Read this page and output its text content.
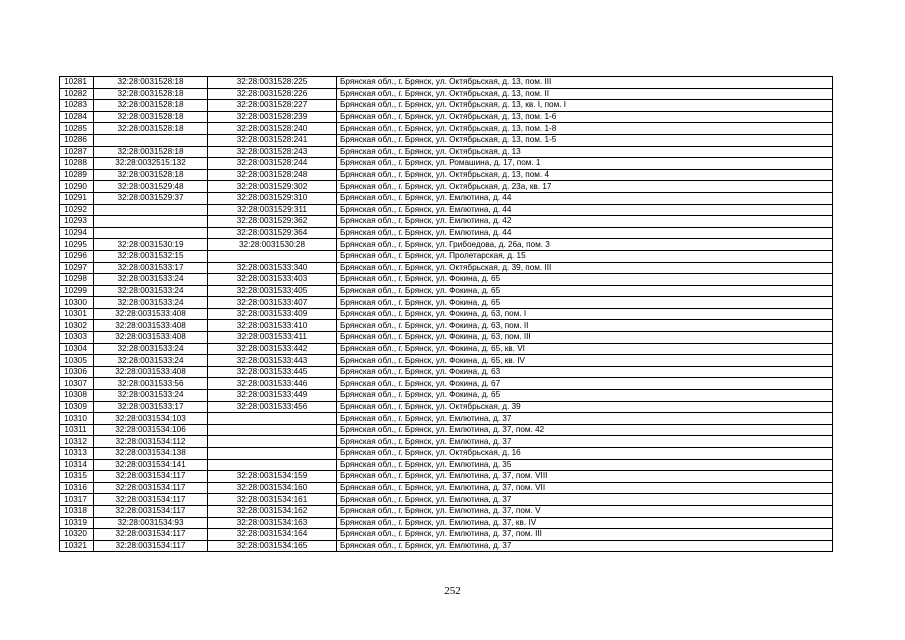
10281	32:28:0031528:18	32:28:0031528:225	Брянская обл., г. Брянск, ул. Октябрьская, д. 13, пом. III
10282	32:28:0031528:18	32:28:0031528:226	Брянская обл., г. Брянск, ул. Октябрьская, д. 13, пом. II
10283	32:28:0031528:18	32:28:0031528:227	Брянская обл., г. Брянск, ул. Октябрьская, д. 13, кв. I, пом. I
10284	32:28:0031528:18	32:28:0031528:239	Брянская обл., г. Брянск, ул. Октябрьская, д. 13, пом. 1-6
10285	32:28:0031528:18	32:28:0031528:240	Брянская обл., г. Брянск, ул. Октябрьская, д. 13, пом. 1-8
10286		32:28:0031528:241	Брянская обл., г. Брянск, ул. Октябрьская, д. 13, пом. 1-5
10287	32:28:0031528:18	32:28:0031528:243	Брянская обл., г. Брянск, ул. Октябрьская, д. 13
10288	32:28:0032515:132	32:28:0031528:244	Брянская обл., г. Брянск, ул. Ромашина, д. 17, пом. 1
10289	32:28:0031528:18	32:28:0031528:248	Брянская обл., г. Брянск, ул. Октябрьская, д. 13, пом. 4
10290	32:28:0031529:48	32:28:0031529:302	Брянская обл., г. Брянск, ул. Октябрьская, д. 23а, кв. 17
10291	32:28:0031529:37	32:28:0031529:310	Брянская обл., г. Брянск, ул. Емлютина, д. 44
10292		32:28:0031529:311	Брянская обл., г. Брянск, ул. Емлютина, д. 44
10293		32:28:0031529:362	Брянская обл., г. Брянск, ул. Емлютина, д. 42
10294		32:28:0031529:364	Брянская обл., г. Брянск, ул. Емлютина, д. 44
10295	32:28:0031530:19	32:28:0031530:28	Брянская обл., г. Брянск, ул. Грибоедова, д. 26а, пом. 3
10296	32:28:0031532:15		Брянская обл., г. Брянск, ул. Пролетарская, д. 15
10297	32:28:0031533:17	32:28:0031533:340	Брянская обл., г. Брянск, ул. Октябрьская, д. 39, пом. III
10298	32:28:0031533:24	32:28:0031533:403	Брянская обл., г. Брянск, ул. Фокина, д. 65
10299	32:28:0031533:24	32:28:0031533:405	Брянская обл., г. Брянск, ул. Фокина, д. 65
10300	32:28:0031533:24	32:28:0031533:407	Брянская обл., г. Брянск, ул. Фокина, д. 65
10301	32:28:0031533:408	32:28:0031533:409	Брянская обл., г. Брянск, ул. Фокина, д. 63, пом. I
10302	32:28:0031533:408	32:28:0031533:410	Брянская обл., г. Брянск, ул. Фокина, д. 63, пом. II
10303	32:28:0031533:408	32:28:0031533:411	Брянская обл., г. Брянск, ул. Фокина, д. 63, пом. III
10304	32:28:0031533:24	32:28:0031533:442	Брянская обл., г. Брянск, ул. Фокина, д. 65, кв. VI
10305	32:28:0031533:24	32:28:0031533:443	Брянская обл., г. Брянск, ул. Фокина, д. 65, кв. IV
10306	32:28:0031533:408	32:28:0031533:445	Брянская обл., г. Брянск, ул. Фокина, д. 63
10307	32:28:0031533:56	32:28:0031533:446	Брянская обл., г. Брянск, ул. Фокина, д. 67
10308	32:28:0031533:24	32:28:0031533:449	Брянская обл., г. Брянск, ул. Фокина, д. 65
10309	32:28:0031533:17	32:28:0031533:456	Брянская обл., г. Брянск, ул. Октябрьская, д. 39
10310	32:28:0031534:103		Брянская обл., г. Брянск, ул. Емлютина, д. 37
10311	32:28:0031534:106		Брянская обл., г. Брянск, ул. Емлютина, д. 37, пом. 42
10312	32:28:0031534:112		Брянская обл., г. Брянск, ул. Емлютина, д. 37
10313	32:28:0031534:138		Брянская обл., г. Брянск, ул. Октябрьская, д. 16
10314	32:28:0031534:141		Брянская обл., г. Брянск, ул. Емлютина, д. 35
10315	32:28:0031534:117	32:28:0031534:159	Брянская обл., г. Брянск, ул. Емлютина, д. 37, пом. VIII
10316	32:28:0031534:117	32:28:0031534:160	Брянская обл., г. Брянск, ул. Емлютина, д. 37, пом. VII
10317	32:28:0031534:117	32:28:0031534:161	Брянская обл., г. Брянск, ул. Емлютина, д. 37
10318	32:28:0031534:117	32:28:0031534:162	Брянская обл., г. Брянск, ул. Емлютина, д. 37, пом. V
10319	32:28:0031534:93	32:28:0031534:163	Брянская обл., г. Брянск, ул. Емлютина, д. 37, кв. IV
10320	32:28:0031534:117	32:28:0031534:164	Брянская обл., г. Брянск, ул. Емлютина, д. 37, пом. III
10321	32:28:0031534:117	32:28:0031534:165	Брянская обл., г. Брянск, ул. Емлютина, д. 37
252
